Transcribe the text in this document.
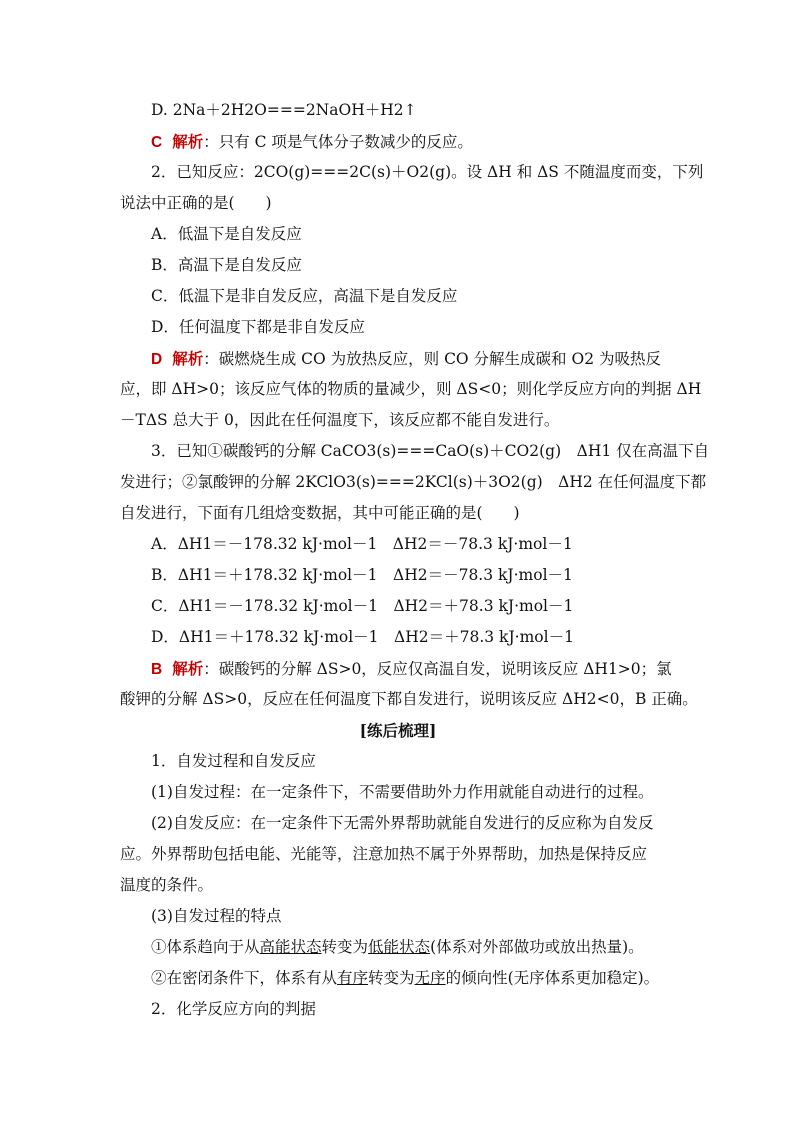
D. 2Na＋2H2O===2NaOH＋H2↑
C 解析：只有 C 项是气体分子数减少的反应。
2．已知反应：2CO(g)===2C(s)＋O2(g)。设 ΔH 和 ΔS 不随温度而变，下列
说法中正确的是(　　)
A．低温下是自发反应
B．高温下是自发反应
C．低温下是非自发反应，高温下是自发反应
D．任何温度下都是非自发反应
D 解析：碳燃烧生成 CO 为放热反应，则 CO 分解生成碳和 O2 为吸热反
应，即 ΔH>0；该反应气体的物质的量减少，则 ΔS<0；则化学反应方向的判据 ΔH
－TΔS 总大于 0，因此在任何温度下，该反应都不能自发进行。
3．已知①碳酸钙的分解 CaCO3(s)===CaO(s)＋CO2(g)　ΔH1 仅在高温下自
发进行；②氯酸钾的分解 2KClO3(s)===2KCl(s)＋3O2(g)　ΔH2 在任何温度下都
自发进行，下面有几组焓变数据，其中可能正确的是(　　)
A．ΔH1＝－178.32 kJ·mol－1　ΔH2＝－78.3 kJ·mol－1
B．ΔH1＝＋178.32 kJ·mol－1　ΔH2＝－78.3 kJ·mol－1
C．ΔH1＝－178.32 kJ·mol－1　ΔH2＝＋78.3 kJ·mol－1
D．ΔH1＝＋178.32 kJ·mol－1　ΔH2＝＋78.3 kJ·mol－1
B 解析：碳酸钙的分解 ΔS>0，反应仅高温自发，说明该反应 ΔH1>0；氯
酸钾的分解 ΔS>0，反应在任何温度下都自发进行，说明该反应 ΔH2<0，B 正确。
[练后梳理]
1．自发过程和自发反应
(1)自发过程：在一定条件下，不需要借助外力作用就能自动进行的过程。
(2)自发反应：在一定条件下无需外界帮助就能自发进行的反应称为自发反
应。外界帮助包括电能、光能等，注意加热不属于外界帮助，加热是保持反应
温度的条件。
(3)自发过程的特点
①体系趋向于从高能状态转变为低能状态(体系对外部做功或放出热量)。
②在密闭条件下，体系有从有序转变为无序的倾向性(无序体系更加稳定)。
2．化学反应方向的判据
